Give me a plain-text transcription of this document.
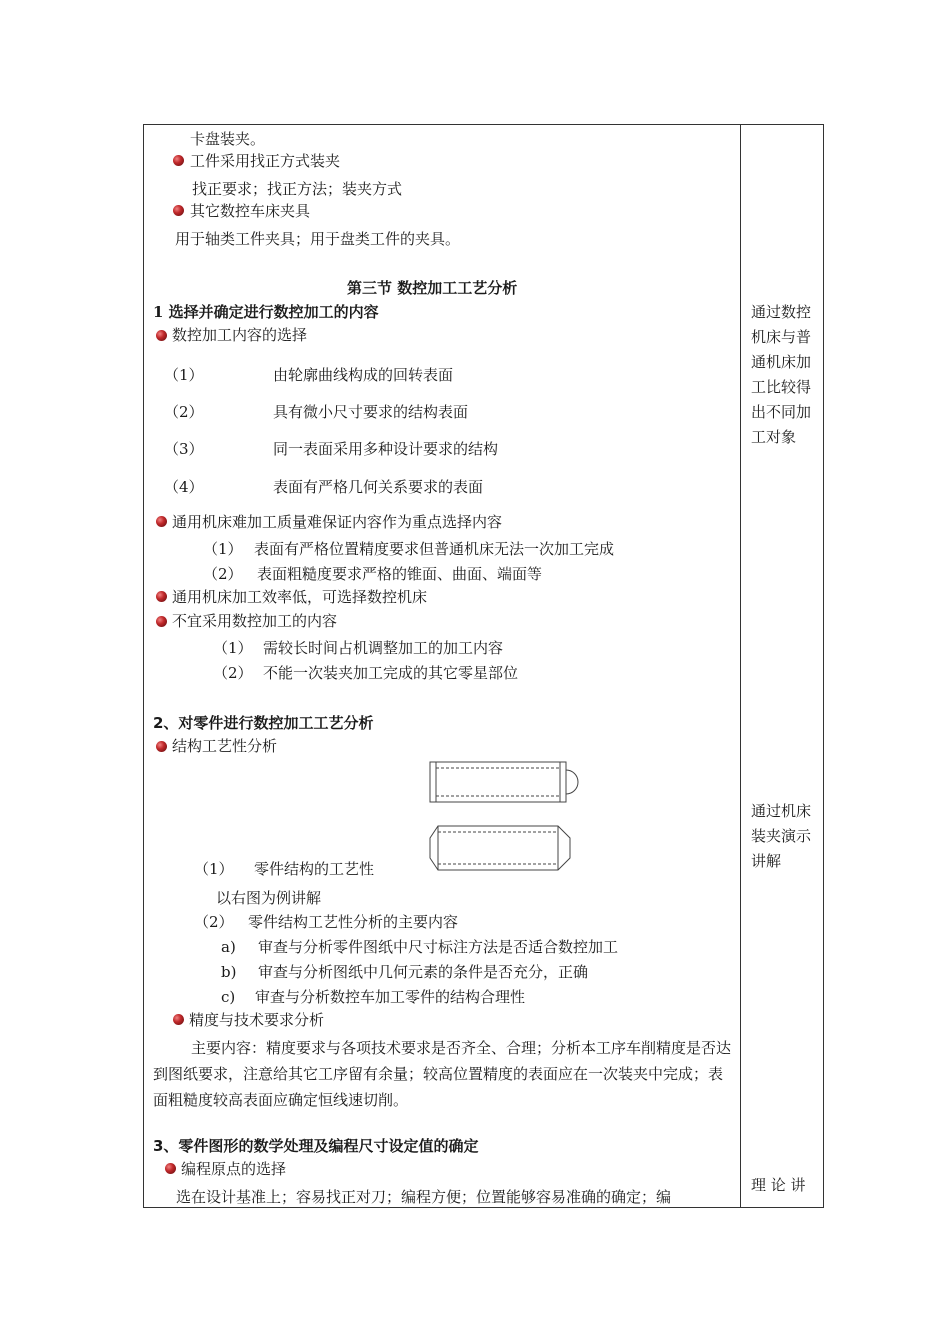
卡盘装夹。
工件采用找正方式装夹
找正要求；找正方法；装夹方式
其它数控车床夹具
用于轴类工件夹具；用于盘类工件的夹具。
第三节 数控加工工艺分析
1 选择并确定进行数控加工的内容
数控加工内容的选择
（1）	由轮廓曲线构成的回转表面
（2）	具有微小尺寸要求的结构表面
（3）	同一表面采用多种设计要求的结构
（4）	表面有严格几何关系要求的表面
通用机床难加工质量难保证内容作为重点选择内容
（1） 表面有严格位置精度要求但普通机床无法一次加工完成
（2） 表面粗糙度要求严格的锥面、曲面、端面等
通用机床加工效率低，可选择数控机床
不宜采用数控加工的内容
（1） 需较长时间占机调整加工的加工内容
（2） 不能一次装夹加工完成的其它零星部位
2、对零件进行数控加工工艺分析
结构工艺性分析
（1） 零件结构的工艺性
以右图为例讲解
（2） 零件结构工艺性分析的主要内容
a) 审查与分析零件图纸中尺寸标注方法是否适合数控加工
b) 审查与分析图纸中几何元素的条件是否充分，正确
c) 审查与分析数控车加工零件的结构合理性
精度与技术要求分析
主要内容：精度要求与各项技术要求是否齐全、合理；分析本工序车削精度是否达到图纸要求，注意给其它工序留有余量；较高位置精度的表面应在一次装夹中完成；表面粗糙度较高表面应确定恒线速切削。
3、零件图形的数学处理及编程尺寸设定值的确定
编程原点的选择
选在设计基准上；容易找正对刀；编程方便；位置能够容易准确的确定；编
通过数控机床与普通机床加工比较得出不同加工对象
通过机床装夹演示讲解
理 论 讲
